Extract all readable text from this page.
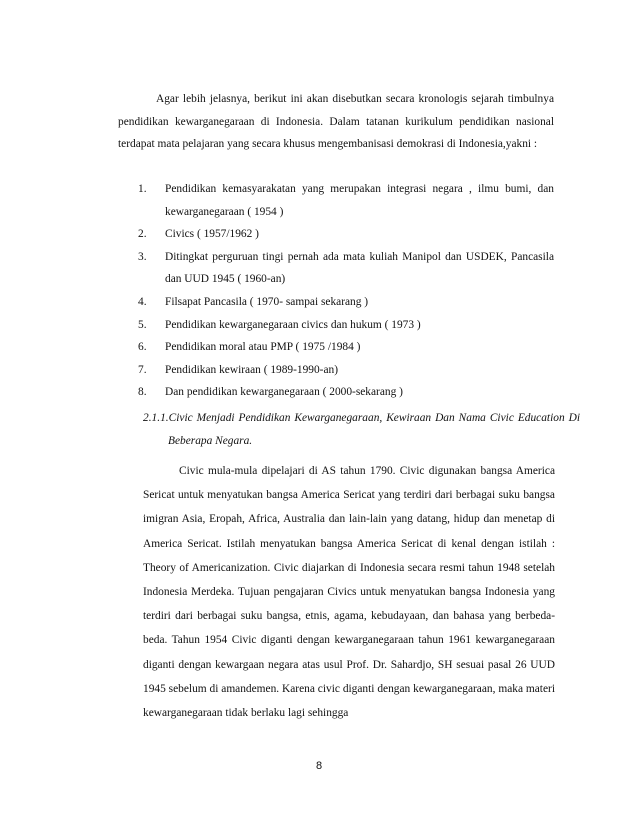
Agar lebih jelasnya, berikut ini akan disebutkan secara kronologis sejarah timbulnya pendidikan kewarganegaraan di Indonesia. Dalam tatanan kurikulum pendidikan nasional terdapat mata pelajaran yang secara khusus mengembanisasi demokrasi di Indonesia,yakni :

1. Pendidikan kemasyarakatan yang merupakan integrasi negara , ilmu bumi, dan kewarganegaraan ( 1954 )
2. Civics ( 1957/1962 )
3. Ditingkat perguruan tingi pernah ada mata kuliah Manipol dan USDEK, Pancasila dan UUD 1945 ( 1960-an)
4. Filsapat Pancasila ( 1970- sampai sekarang )
5. Pendidikan kewarganegaraan civics dan hukum ( 1973 )
6. Pendidikan moral atau PMP ( 1975 /1984 )
7. Pendidikan kewiraan ( 1989-1990-an)
8. Dan pendidikan kewarganegaraan ( 2000-sekarang )

2.1.1.Civic Menjadi Pendidikan Kewarganegaraan, Kewiraan Dan Nama Civic Education Di Beberapa Negara.

Civic mula-mula dipelajari di AS tahun 1790. Civic digunakan bangsa America Sericat untuk menyatukan bangsa America Sericat yang terdiri dari berbagai suku bangsa imigran Asia, Eropah, Africa, Australia dan lain-lain yang datang, hidup dan menetap di America Sericat. Istilah menyatukan bangsa America Sericat di kenal dengan istilah : Theory of Americanization. Civic diajarkan di Indonesia secara resmi tahun 1948 setelah Indonesia Merdeka. Tujuan pengajaran Civics untuk menyatukan bangsa Indonesia yang terdiri dari berbagai suku bangsa, etnis, agama, kebudayaan, dan bahasa yang berbeda-beda. Tahun 1954 Civic diganti dengan kewarganegaraan tahun 1961 kewarganegaraan diganti dengan kewargaan negara atas usul Prof. Dr. Sahardjo, SH sesuai pasal 26 UUD 1945 sebelum di amandemen. Karena civic diganti dengan kewarganegaraan, maka materi kewarganegaraan tidak berlaku lagi sehingga

8
